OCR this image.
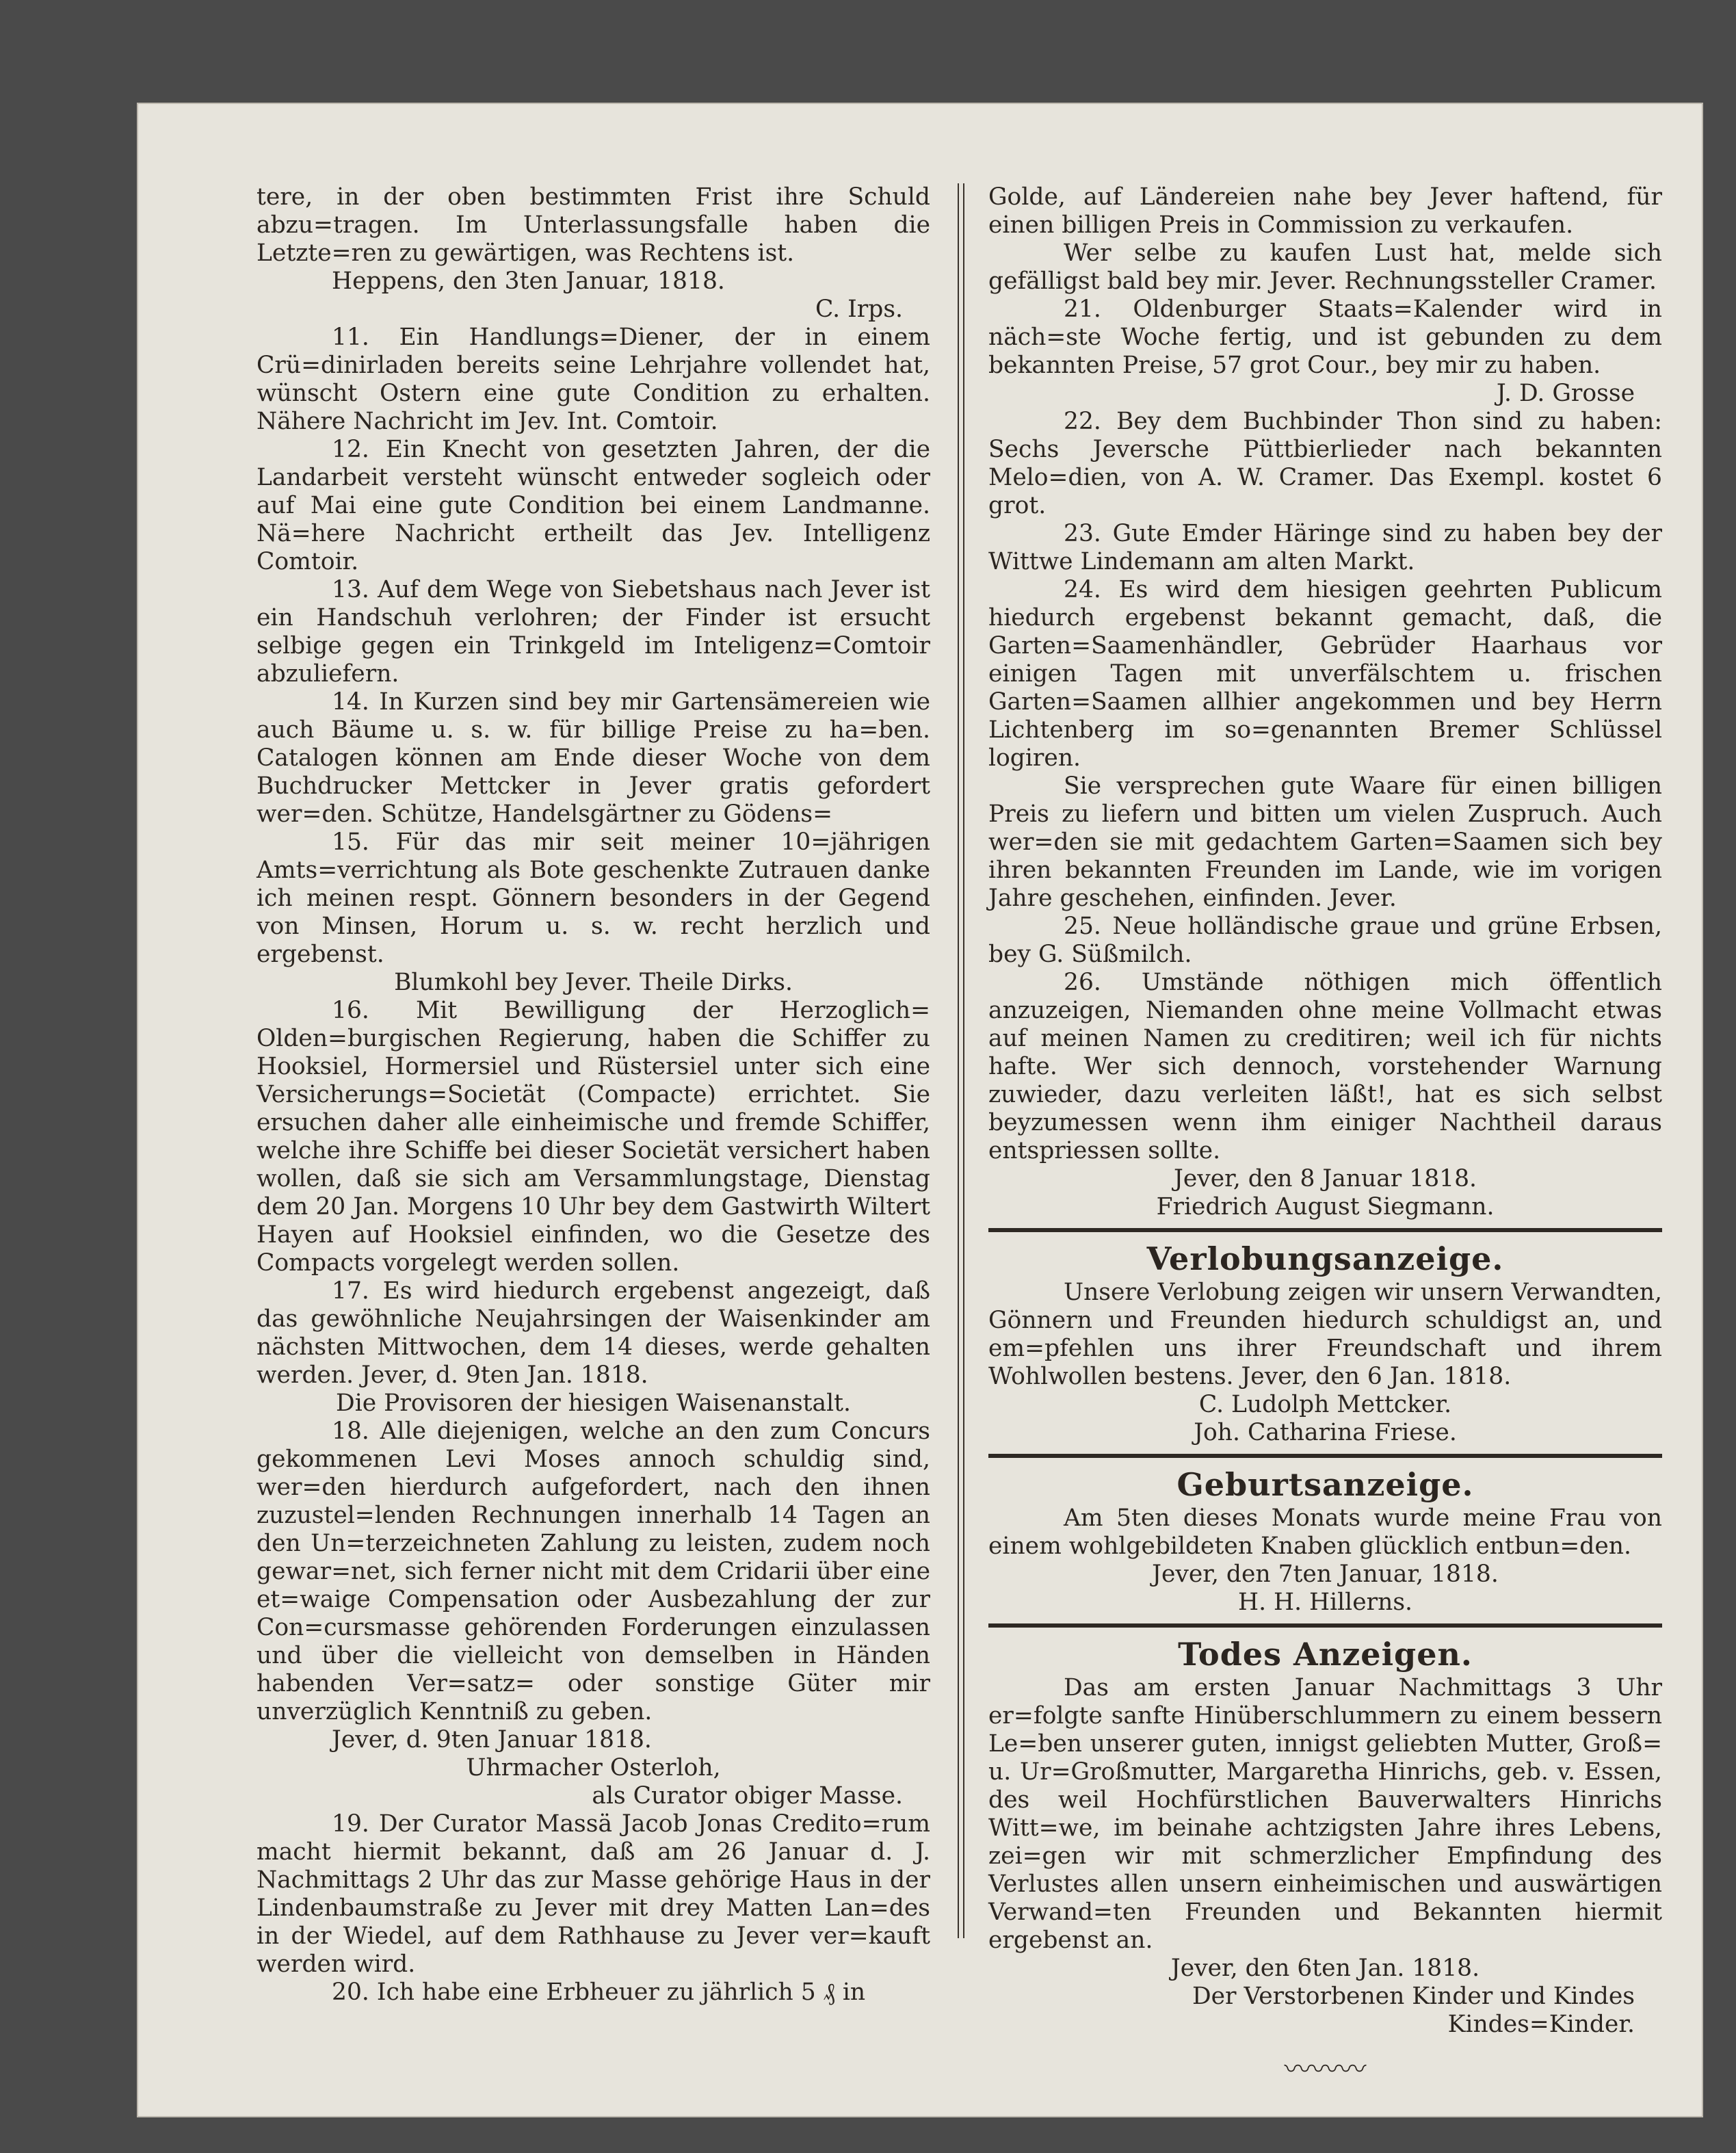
tere, in der oben bestimmten Frist ihre Schuld abzu=tragen. Im Unterlassungsfalle haben die Letzte=ren zu gewärtigen, was Rechtens ist.

Heppens, den 3ten Januar, 1818.

C. Irps.

11. Ein Handlungs=Diener, der in einem Crü=dinirladen bereits seine Lehrjahre vollendet hat, wünscht Ostern eine gute Condition zu erhalten. Nähere Nachricht im Jev. Int. Comtoir.

12. Ein Knecht von gesetzten Jahren, der die Landarbeit versteht wünscht entweder sogleich oder auf Mai eine gute Condition bei einem Landmanne. Nä=here Nachricht ertheilt das Jev. Intelligenz Comtoir.

13. Auf dem Wege von Siebetshaus nach Jever ist ein Handschuh verlohren; der Finder ist ersucht selbige gegen ein Trinkgeld im Inteligenz=Comtoir abzuliefern.

14. In Kurzen sind bey mir Gartensämereien wie auch Bäume u. s. w. für billige Preise zu ha=ben. Catalogen können am Ende dieser Woche von dem Buchdrucker Mettcker in Jever gratis gefordert wer=den. Schütze, Handelsgärtner zu Gödens=

15. Für das mir seit meiner 10=jährigen Amts=verrichtung als Bote geschenkte Zutrauen danke ich meinen respt. Gönnern besonders in der Gegend von Minsen, Horum u. s. w. recht herzlich und ergebenst.

Blumkohl bey Jever. Theile Dirks.

16. Mit Bewilligung der Herzoglich= Olden=burgischen Regierung, haben die Schiffer zu Hooksiel, Hormersiel und Rüstersiel unter sich eine Versicherungs=Societät (Compacte) errichtet. Sie ersuchen daher alle einheimische und fremde Schiffer, welche ihre Schiffe bei dieser Societät versichert haben wollen, daß sie sich am Versammlungstage, Dienstag dem 20 Jan. Morgens 10 Uhr bey dem Gastwirth Wiltert Hayen auf Hooksiel einfinden, wo die Gesetze des Compacts vorgelegt werden sollen.

17. Es wird hiedurch ergebenst angezeigt, daß das gewöhnliche Neujahrsingen der Waisenkinder am nächsten Mittwochen, dem 14 dieses, werde gehalten werden. Jever, d. 9ten Jan. 1818.

Die Provisoren der hiesigen Waisenanstalt.

18. Alle diejenigen, welche an den zum Concurs gekommenen Levi Moses annoch schuldig sind, wer=den hierdurch aufgefordert, nach den ihnen zuzustel=lenden Rechnungen innerhalb 14 Tagen an den Un=terzeichneten Zahlung zu leisten, zudem noch gewar=net, sich ferner nicht mit dem Cridarii über eine et=waige Compensation oder Ausbezahlung der zur Con=cursmasse gehörenden Forderungen einzulassen und über die vielleicht von demselben in Händen habenden Ver=satz= oder sonstige Güter mir unverzüglich Kenntniß zu geben.

Jever, d. 9ten Januar 1818.

Uhrmacher Osterloh,

als Curator obiger Masse.

19. Der Curator Massä Jacob Jonas Credito=rum macht hiermit bekannt, daß am 26 Januar d. J. Nachmittags 2 Uhr das zur Masse gehörige Haus in der Lindenbaumstraße zu Jever mit drey Matten Lan=des in der Wiedel, auf dem Rathhause zu Jever ver=kauft werden wird.

20. Ich habe eine Erbheuer zu jährlich 5 ₰ in

Golde, auf Ländereien nahe bey Jever haftend, für einen billigen Preis in Commission zu verkaufen.

Wer selbe zu kaufen Lust hat, melde sich gefälligst bald bey mir. Jever. Rechnungssteller Cramer.

21. Oldenburger Staats=Kalender wird in näch=ste Woche fertig, und ist gebunden zu dem bekannten Preise, 57 grot Cour., bey mir zu haben.

J. D. Grosse

22. Bey dem Buchbinder Thon sind zu haben: Sechs Jeversche Püttbierlieder nach bekannten Melo=dien, von A. W. Cramer. Das Exempl. kostet 6 grot.

23. Gute Emder Häringe sind zu haben bey der Wittwe Lindemann am alten Markt.

24. Es wird dem hiesigen geehrten Publicum hiedurch ergebenst bekannt gemacht, daß, die Garten=Saamenhändler, Gebrüder Haarhaus vor einigen Tagen mit unverfälschtem u. frischen Garten=Saamen allhier angekommen und bey Herrn Lichtenberg im so=genannten Bremer Schlüssel logiren.

Sie versprechen gute Waare für einen billigen Preis zu liefern und bitten um vielen Zuspruch. Auch wer=den sie mit gedachtem Garten=Saamen sich bey ihren bekannten Freunden im Lande, wie im vorigen Jahre geschehen, einfinden. Jever.

25. Neue holländische graue und grüne Erbsen, bey G. Süßmilch.

26. Umstände nöthigen mich öffentlich anzuzeigen, Niemanden ohne meine Vollmacht etwas auf meinen Namen zu creditiren; weil ich für nichts hafte. Wer sich dennoch, vorstehender Warnung zuwieder, dazu verleiten läßt!, hat es sich selbst beyzumessen wenn ihm einiger Nachtheil daraus entspriessen sollte.

Jever, den 8 Januar 1818.

Friedrich August Siegmann.

Verlobungsanzeige.

Unsere Verlobung zeigen wir unsern Verwandten, Gönnern und Freunden hiedurch schuldigst an, und em=pfehlen uns ihrer Freundschaft und ihrem Wohlwollen bestens. Jever, den 6 Jan. 1818.

C. Ludolph Mettcker.

Joh. Catharina Friese.

Geburtsanzeige.

Am 5ten dieses Monats wurde meine Frau von einem wohlgebildeten Knaben glücklich entbun=den.

Jever, den 7ten Januar, 1818.

H. H. Hillerns.

Todes Anzeigen.

Das am ersten Januar Nachmittags 3 Uhr er=folgte sanfte Hinüberschlummern zu einem bessern Le=ben unserer guten, innigst geliebten Mutter, Groß= u. Ur=Großmutter, Margaretha Hinrichs, geb. v. Essen, des weil Hochfürstlichen Bauverwalters Hinrichs Witt=we, im beinahe achtzigsten Jahre ihres Lebens, zei=gen wir mit schmerzlicher Empfindung des Verlustes allen unsern einheimischen und auswärtigen Verwand=ten Freunden und Bekannten hiermit ergebenst an.

Jever, den 6ten Jan. 1818.

Der Verstorbenen Kinder und Kindes

Kindes=Kinder.

〰〰〰
